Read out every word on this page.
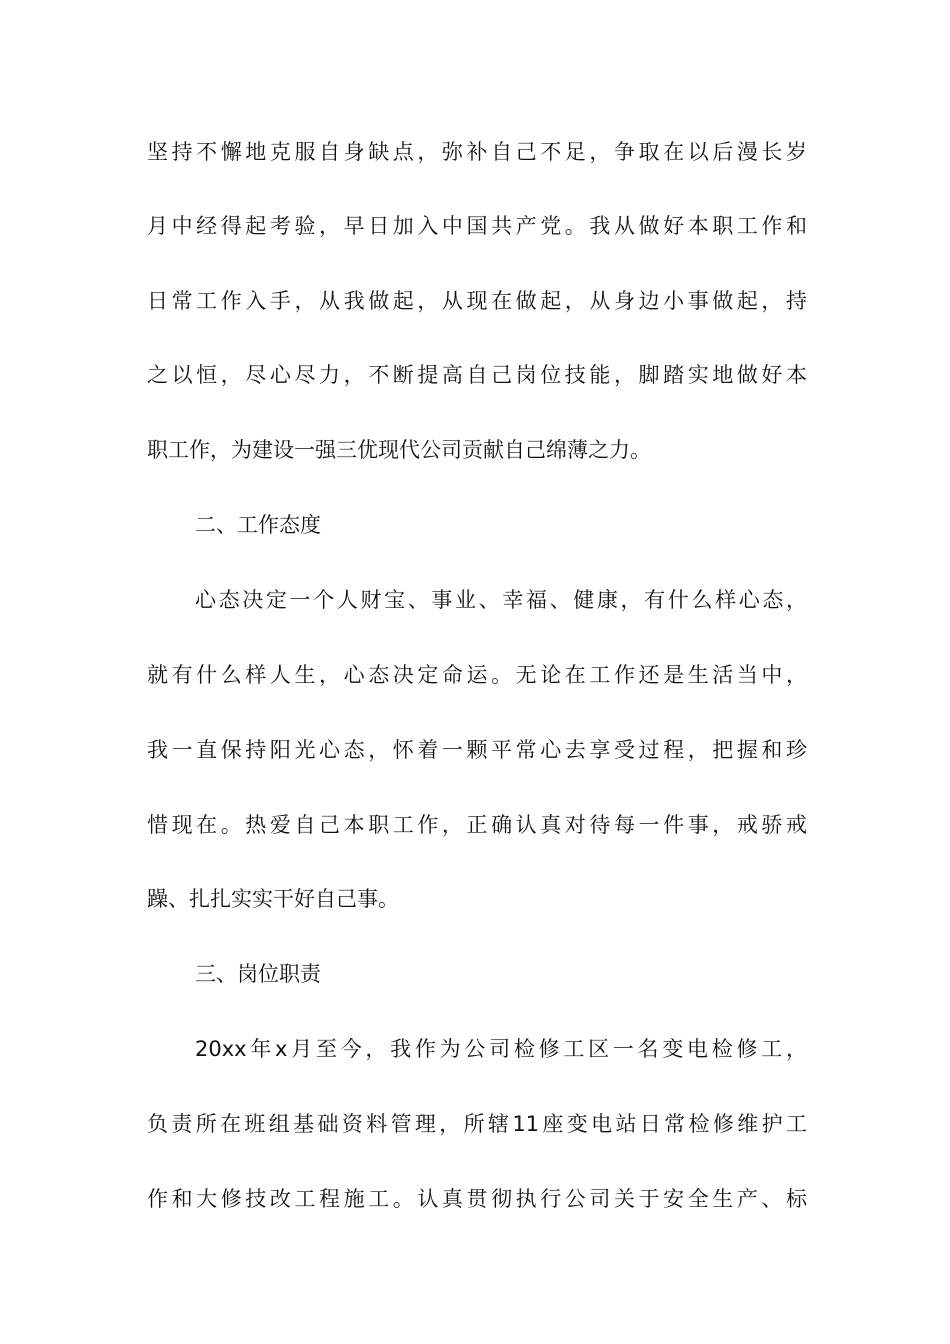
坚持不懈地克服自身缺点，弥补自己不足，争取在以后漫长岁
月中经得起考验，早日加入中国共产党。我从做好本职工作和
日常工作入手，从我做起，从现在做起，从身边小事做起，持
之以恒，尽心尽力，不断提高自己岗位技能，脚踏实地做好本
职工作，为建设一强三优现代公司贡献自己绵薄之力。
二、工作态度
心态决定一个人财宝、事业、幸福、健康，有什么样心态，
就有什么样人生，心态决定命运。无论在工作还是生活当中，
我一直保持阳光心态，怀着一颗平常心去享受过程，把握和珍
惜现在。热爱自己本职工作，正确认真对待每一件事，戒骄戒
躁、扎扎实实干好自己事。
三、岗位职责
20xx年x月至今，我作为公司检修工区一名变电检修工，
负责所在班组基础资料管理，所辖11座变电站日常检修维护工
作和大修技改工程施工。认真贯彻执行公司关于安全生产、标
